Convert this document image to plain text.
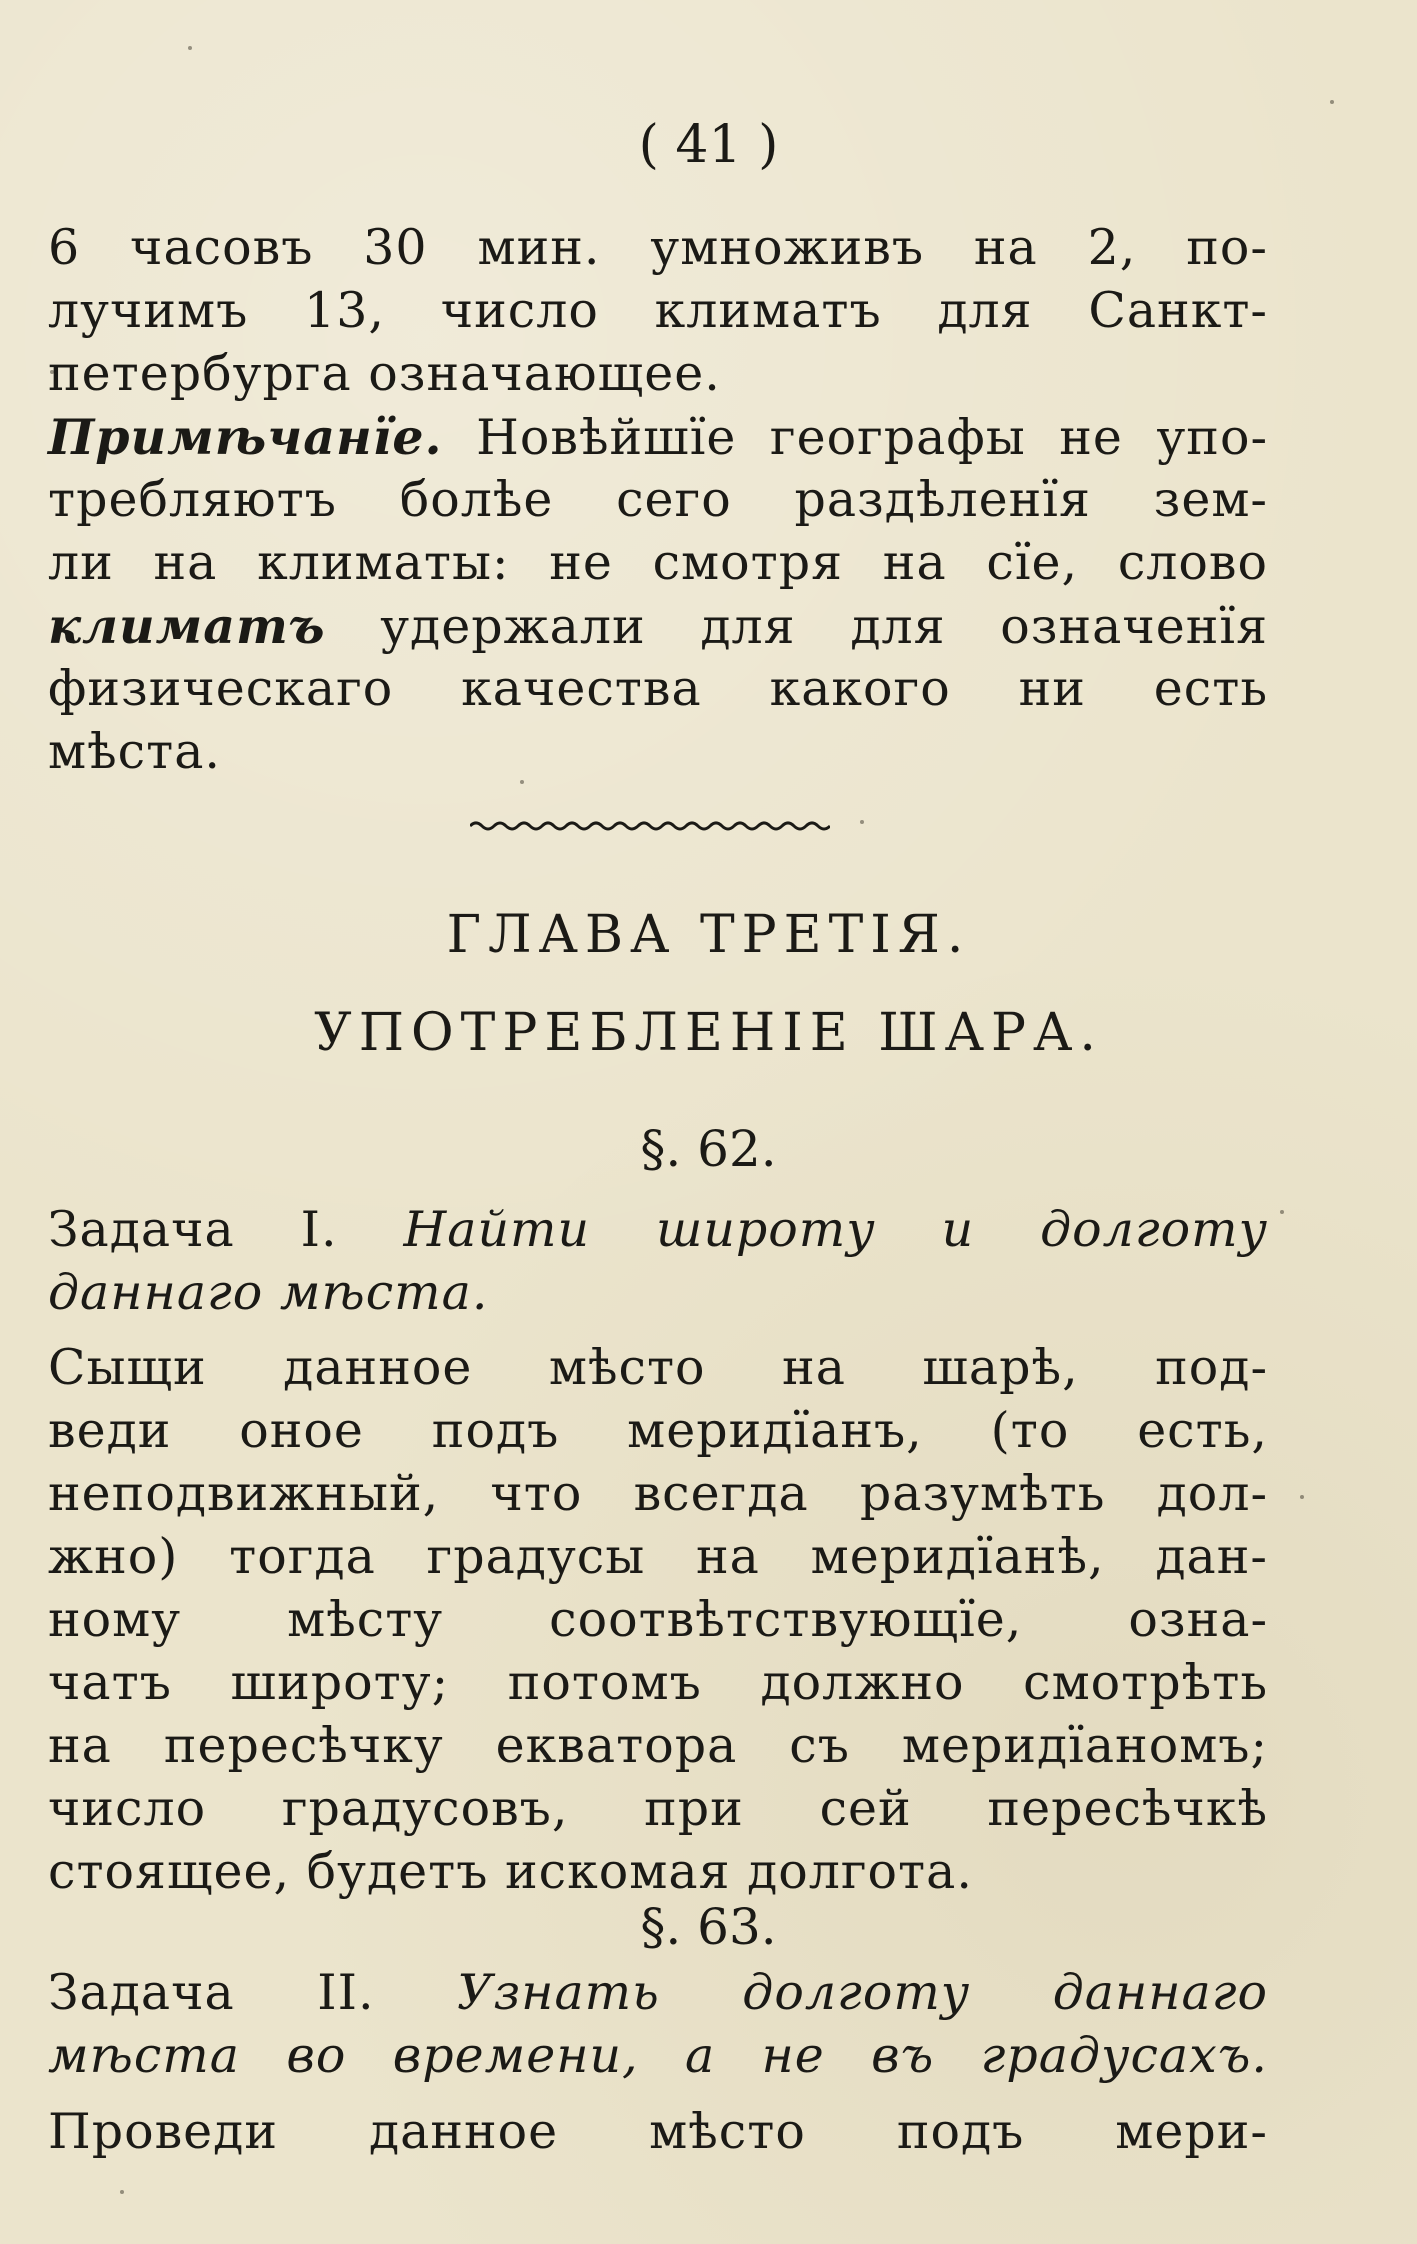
( 41 )
6 часовъ 30 мин. умноживъ на 2, по-
лучимъ 13, число климатъ для Санкт-
петербурга означающее.
Примѣчанїе. Новѣйшїе географы не упо-
требляютъ болѣе сего раздѣленїя зем-
ли на климаты: не смотря на сїе, слово
климатъ удержали для для означенїя
физическаго качества какого ни есть
мѣста.
ГЛАВА ТРЕТІЯ.
УПОТРЕБЛЕНІЕ ШАРА.
§. 62.
Задача I. Найти широту и долготу
даннаго мѣста.
Сыщи данное мѣсто на шарѣ, под-
веди оное подъ меридїанъ, (то есть,
неподвижный, что всегда разумѣть дол-
жно) тогда градусы на меридїанѣ, дан-
ному мѣсту соотвѣтствующїе, озна-
чатъ широту; потомъ должно смотрѣть
на пересѣчку екватора съ меридїаномъ;
число градусовъ, при сей пересѣчкѣ
стоящее, будетъ искомая долгота.
§. 63.
Задача II. Узнать долготу даннаго
мѣста во времени, а не въ градусахъ.
Проведи данное мѣсто подъ мери-
